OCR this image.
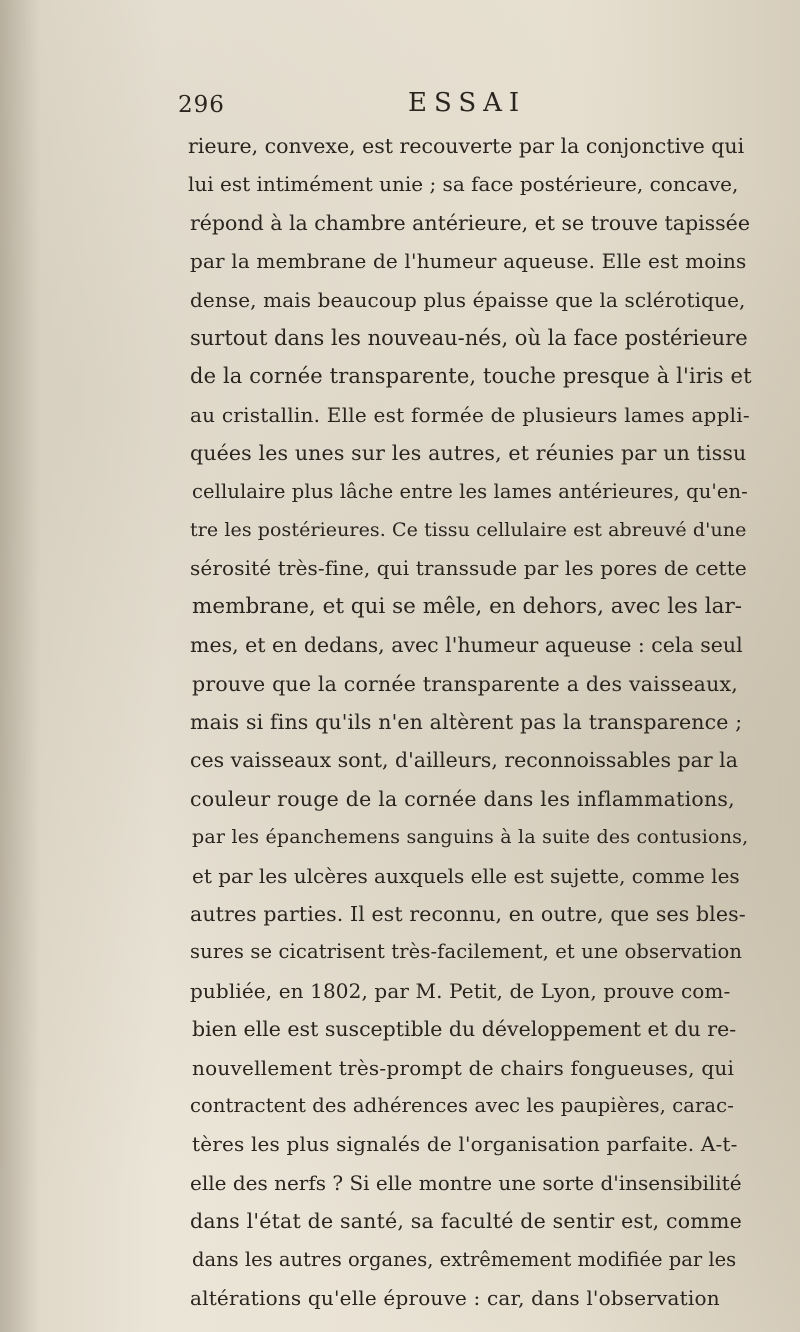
296	ESSAI
rieure, convexe, est recouverte par la conjonctive qui
lui est intimément unie ; sa face postérieure, concave,
répond à la chambre antérieure, et se trouve tapissée
par la membrane de l'humeur aqueuse. Elle est moins
dense, mais beaucoup plus épaisse que la sclérotique,
surtout dans les nouveau-nés, où la face postérieure
de la cornée transparente, touche presque à l'iris et
au cristallin. Elle est formée de plusieurs lames appli-
quées les unes sur les autres, et réunies par un tissu
cellulaire plus lâche entre les lames antérieures, qu'en-
tre les postérieures. Ce tissu cellulaire est abreuvé d'une
sérosité très-fine, qui transsude par les pores de cette
membrane, et qui se mêle, en dehors, avec les lar-
mes, et en dedans, avec l'humeur aqueuse : cela seul
prouve que la cornée transparente a des vaisseaux,
mais si fins qu'ils n'en altèrent pas la transparence ;
ces vaisseaux sont, d'ailleurs, reconnoissables par la
couleur rouge de la cornée dans les inflammations,
par les épanchemens sanguins à la suite des contusions,
et par les ulcères auxquels elle est sujette, comme les
autres parties. Il est reconnu, en outre, que ses bles-
sures se cicatrisent très-facilement, et une observation
publiée, en 1802, par M. Petit, de Lyon, prouve com-
bien elle est susceptible du développement et du re-
nouvellement très-prompt de chairs fongueuses, qui
contractent des adhérences avec les paupières, carac-
tères les plus signalés de l'organisation parfaite. A-t-
elle des nerfs ? Si elle montre une sorte d'insensibilité
dans l'état de santé, sa faculté de sentir est, comme
dans les autres organes, extrêmement modifiée par les
altérations qu'elle éprouve : car, dans l'observation
